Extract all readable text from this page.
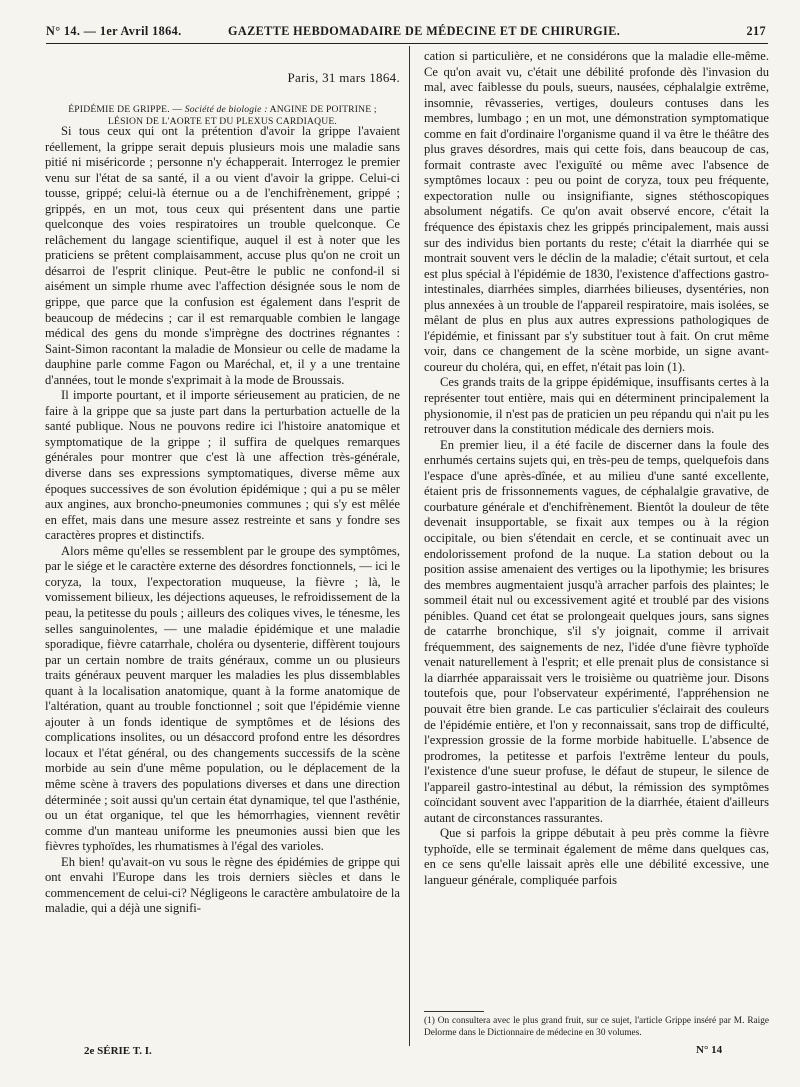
N° 14. — 1er Avril 1864.	GAZETTE HEBDOMADAIRE DE MÉDECINE ET DE CHIRURGIE.	217
Paris, 31 mars 1864.
ÉPIDÉMIE DE GRIPPE. — Société de biologie : ANGINE DE POITRINE ;
LÉSION DE L'AORTE ET DU PLEXUS CARDIAQUE.

Si tous ceux qui ont la prétention d'avoir la grippe l'avaient réellement, la grippe serait depuis plusieurs mois une maladie sans pitié ni miséricorde ; personne n'y échapperait. Interrogez le premier venu sur l'état de sa santé, il a ou vient d'avoir la grippe. Celui-ci tousse, grippé; celui-là éternue ou a de l'enchifrènement, grippé ; grippés, en un mot, tous ceux qui présentent dans une partie quelconque des voies respiratoires un trouble quelconque. Ce relâchement du langage scientifique, auquel il est à noter que les praticiens se prêtent complaisamment, accuse plus qu'on ne croit un désarroi de l'esprit clinique. Peut-être le public ne confond-il si aisément un simple rhume avec l'affection désignée sous le nom de grippe, que parce que la confusion est également dans l'esprit de beaucoup de médecins ; car il est remarquable combien le langage médical des gens du monde s'imprègne des doctrines régnantes : Saint-Simon racontant la maladie de Monsieur ou celle de madame la dauphine parle comme Fagon ou Maréchal, et, il y a une trentaine d'années, tout le monde s'exprimait à la mode de Broussais.

Il importe pourtant, et il importe sérieusement au praticien, de ne faire à la grippe que sa juste part dans la perturbation actuelle de la santé publique. Nous ne pouvons redire ici l'histoire anatomique et symptomatique de la grippe ; il suffira de quelques remarques générales pour montrer que c'est là une affection très-générale, diverse dans ses expressions symptomatiques, diverse même aux époques successives de son évolution épidémique ; qui a pu se mêler aux angines, aux broncho-pneumonies communes ; qui s'y est mêlée en effet, mais dans une mesure assez restreinte et sans y fondre ses caractères propres et distinctifs.

Alors même qu'elles se ressemblent par le groupe des symptômes, par le siége et le caractère externe des désordres fonctionnels, — ici le coryza, la toux, l'expectoration muqueuse, la fièvre ; là, le vomissement bilieux, les déjections aqueuses, le refroidissement de la peau, la petitesse du pouls ; ailleurs des coliques vives, le ténesme, les selles sanguinolentes, — une maladie épidémique et une maladie sporadique, fièvre catarrhale, choléra ou dysenterie, diffèrent toujours par un certain nombre de traits généraux, comme un ou plusieurs traits généraux peuvent marquer les maladies les plus dissemblables quant à la localisation anatomique, quant à la forme anatomique de l'altération, quant au trouble fonctionnel ; soit que l'épidémie vienne ajouter à un fonds identique de symptômes et de lésions des complications insolites, ou un désaccord profond entre les désordres locaux et l'état général, ou des changements successifs de la scène morbide au sein d'une même population, ou le déplacement de la même scène à travers des populations diverses et dans une direction déterminée ; soit aussi qu'un certain état dynamique, tel que l'asthénie, ou un état organique, tel que les hémorrhagies, viennent revêtir comme d'un manteau uniforme les pneumonies aussi bien que les fièvres typhoïdes, les rhumatismes à l'égal des varioles.

Eh bien! qu'avait-on vu sous le règne des épidémies de grippe qui ont envahi l'Europe dans les trois derniers siècles et dans le commencement de celui-ci? Négligeons le caractère ambulatoire de la maladie, qui a déjà une signifi-

cation si particulière, et ne considérons que la maladie elle-même. Ce qu'on avait vu, c'était une débilité profonde dès l'invasion du mal, avec faiblesse du pouls, sueurs, nausées, céphalalgie extrême, insomnie, rêvasseries, vertiges, douleurs contuses dans les membres, lumbago ; en un mot, une démonstration symptomatique comme en fait d'ordinaire l'organisme quand il va être le théâtre des plus graves désordres, mais qui cette fois, dans beaucoup de cas, formait contraste avec l'exiguïté ou même avec l'absence de symptômes locaux : peu ou point de coryza, toux peu fréquente, expectoration nulle ou insignifiante, signes stéthoscopiques absolument négatifs. Ce qu'on avait observé encore, c'était la fréquence des épistaxis chez les grippés principalement, mais aussi sur des individus bien portants du reste; c'était la diarrhée qui se montrait souvent vers le déclin de la maladie; c'était surtout, et cela est plus spécial à l'épidémie de 1830, l'existence d'affections gastro-intestinales, diarrhées simples, diarrhées bilieuses, dysentéries, non plus annexées à un trouble de l'appareil respiratoire, mais isolées, se mêlant de plus en plus aux autres expressions pathologiques de l'épidémie, et finissant par s'y substituer tout à fait. On crut même voir, dans ce changement de la scène morbide, un signe avant-coureur du choléra, qui, en effet, n'était pas loin (1).

Ces grands traits de la grippe épidémique, insuffisants certes à la représenter tout entière, mais qui en déterminent principalement la physionomie, il n'est pas de praticien un peu répandu qui n'ait pu les retrouver dans la constitution médicale des derniers mois.

En premier lieu, il a été facile de discerner dans la foule des enrhumés certains sujets qui, en très-peu de temps, quelquefois dans l'espace d'une après-dînée, et au milieu d'une santé excellente, étaient pris de frissonnements vagues, de céphalalgie gravative, de courbature générale et d'enchifrènement. Bientôt la douleur de tête devenait insupportable, se fixait aux tempes ou à la région occipitale, ou bien s'étendait en cercle, et se continuait avec un endolorissement profond de la nuque. La station debout ou la position assise amenaient des vertiges ou la lipothymie; les brisures des membres augmentaient jusqu'à arracher parfois des plaintes; le sommeil était nul ou excessivement agité et troublé par des visions pénibles. Quand cet état se prolongeait quelques jours, sans signes de catarrhe bronchique, s'il s'y joignait, comme il arrivait fréquemment, des saignements de nez, l'idée d'une fièvre typhoïde venait naturellement à l'esprit; et elle prenait plus de consistance si la diarrhée apparaissait vers le troisième ou quatrième jour. Disons toutefois que, pour l'observateur expérimenté, l'appréhension ne pouvait être bien grande. Le cas particulier s'éclairait des couleurs de l'épidémie entière, et l'on y reconnaissait, sans trop de difficulté, l'expression grossie de la forme morbide habituelle. L'absence de prodromes, la petitesse et parfois l'extrême lenteur du pouls, l'existence d'une sueur profuse, le défaut de stupeur, le silence de l'appareil gastro-intestinal au début, la rémission des symptômes coïncidant souvent avec l'apparition de la diarrhée, étaient d'ailleurs autant de circonstances rassurantes.

Que si parfois la grippe débutait à peu près comme la fièvre typhoïde, elle se terminait également de même dans quelques cas, en ce sens qu'elle laissait après elle une débilité excessive, une langueur générale, compliquée parfois

(1) On consultera avec le plus grand fruit, sur ce sujet, l'article Grippe inséré par M. Raige Delorme dans le Dictionnaire de médecine en 30 volumes.
2e SÉRIE T. I.	N° 14
